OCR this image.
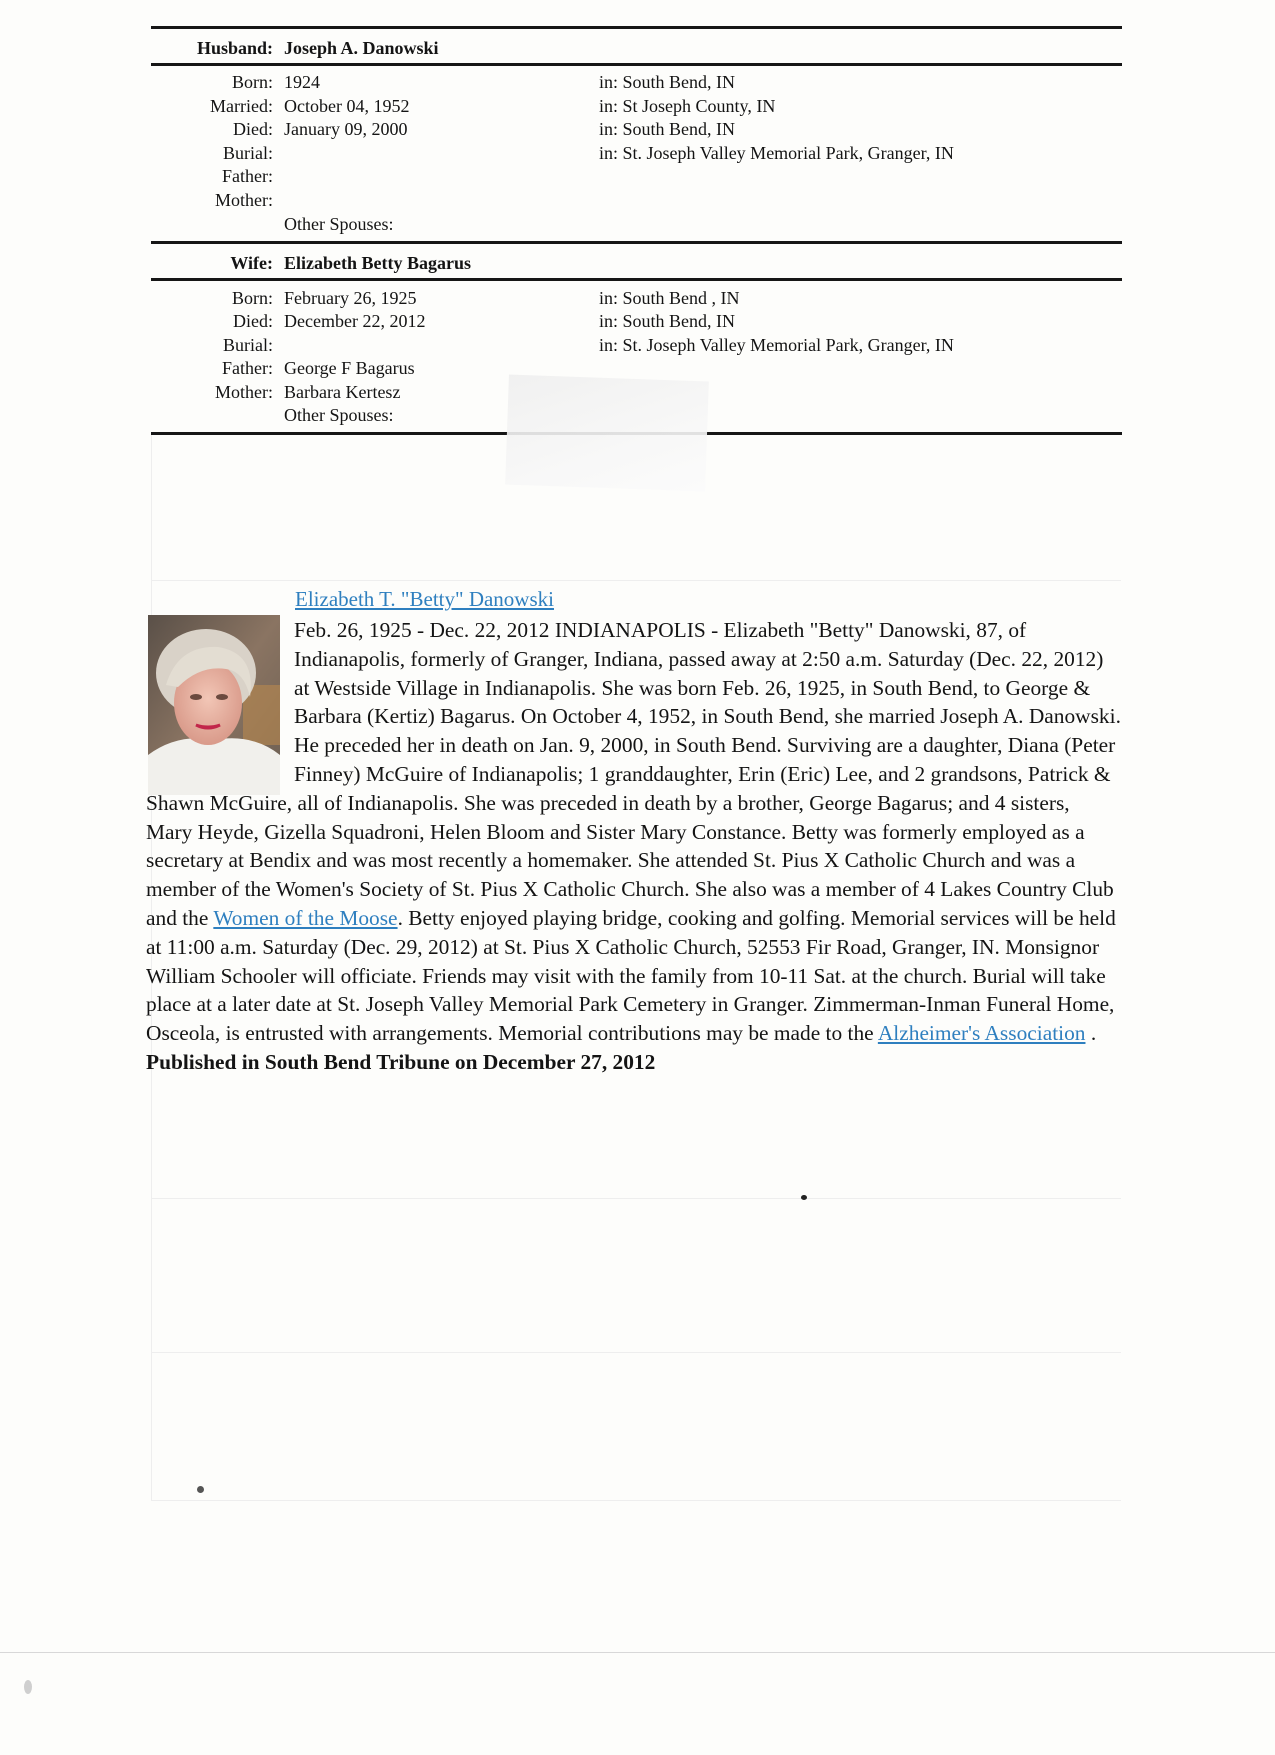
Husband: Joseph A. Danowski
Born: 1924	in: South Bend, IN
Married: October 04, 1952	in: St Joseph County, IN
Died: January 09, 2000	in: South Bend, IN
Burial:	in: St. Joseph Valley Memorial Park, Granger, IN
Father:
Mother:
Other Spouses:
Wife: Elizabeth Betty Bagarus
Born: February 26, 1925	in: South Bend , IN
Died: December 22, 2012	in: South Bend, IN
Burial:	in: St. Joseph Valley Memorial Park, Granger, IN
Father: George F Bagarus
Mother: Barbara Kertesz
Other Spouses:
Elizabeth T. "Betty" Danowski
Feb. 26, 1925 - Dec. 22, 2012 INDIANAPOLIS - Elizabeth "Betty" Danowski, 87, of Indianapolis, formerly of Granger, Indiana, passed away at 2:50 a.m. Saturday (Dec. 22, 2012) at Westside Village in Indianapolis. She was born Feb. 26, 1925, in South Bend, to George & Barbara (Kertiz) Bagarus. On October 4, 1952, in South Bend, she married Joseph A. Danowski. He preceded her in death on Jan. 9, 2000, in South Bend. Surviving are a daughter, Diana (Peter Finney) McGuire of Indianapolis; 1 granddaughter, Erin (Eric) Lee, and 2 grandsons, Patrick & Shawn McGuire, all of Indianapolis. She was preceded in death by a brother, George Bagarus; and 4 sisters, Mary Heyde, Gizella Squadroni, Helen Bloom and Sister Mary Constance. Betty was formerly employed as a secretary at Bendix and was most recently a homemaker. She attended St. Pius X Catholic Church and was a member of the Women's Society of St. Pius X Catholic Church. She also was a member of 4 Lakes Country Club and the Women of the Moose. Betty enjoyed playing bridge, cooking and golfing. Memorial services will be held at 11:00 a.m. Saturday (Dec. 29, 2012) at St. Pius X Catholic Church, 52553 Fir Road, Granger, IN. Monsignor William Schooler will officiate. Friends may visit with the family from 10-11 Sat. at the church. Burial will take place at a later date at St. Joseph Valley Memorial Park Cemetery in Granger. Zimmerman-Inman Funeral Home, Osceola, is entrusted with arrangements. Memorial contributions may be made to the Alzheimer's Association .
Published in South Bend Tribune on December 27, 2012
